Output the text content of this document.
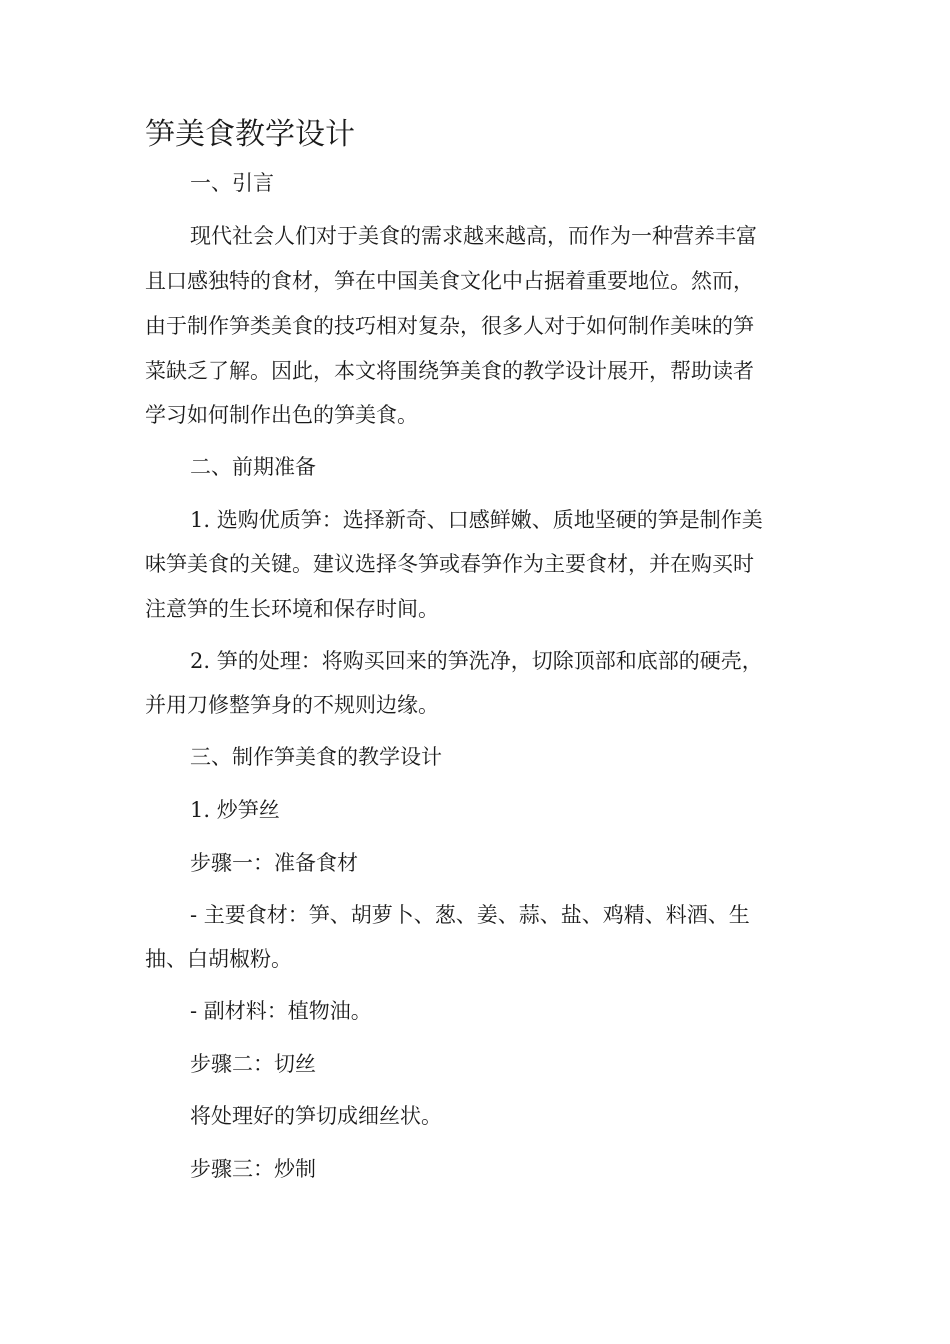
笋美食教学设计
一、引言
现代社会人们对于美食的需求越来越高，而作为一种营养丰富
且口感独特的食材，笋在中国美食文化中占据着重要地位。然而，
由于制作笋类美食的技巧相对复杂，很多人对于如何制作美味的笋
菜缺乏了解。因此，本文将围绕笋美食的教学设计展开，帮助读者
学习如何制作出色的笋美食。
二、前期准备
1. 选购优质笋：选择新奇、口感鲜嫩、质地坚硬的笋是制作美
味笋美食的关键。建议选择冬笋或春笋作为主要食材，并在购买时
注意笋的生长环境和保存时间。
2. 笋的处理：将购买回来的笋洗净，切除顶部和底部的硬壳，
并用刀修整笋身的不规则边缘。
三、制作笋美食的教学设计
1. 炒笋丝
步骤一：准备食材
- 主要食材：笋、胡萝卜、葱、姜、蒜、盐、鸡精、料酒、生
抽、白胡椒粉。
- 副材料：植物油。
步骤二：切丝
将处理好的笋切成细丝状。
步骤三：炒制
